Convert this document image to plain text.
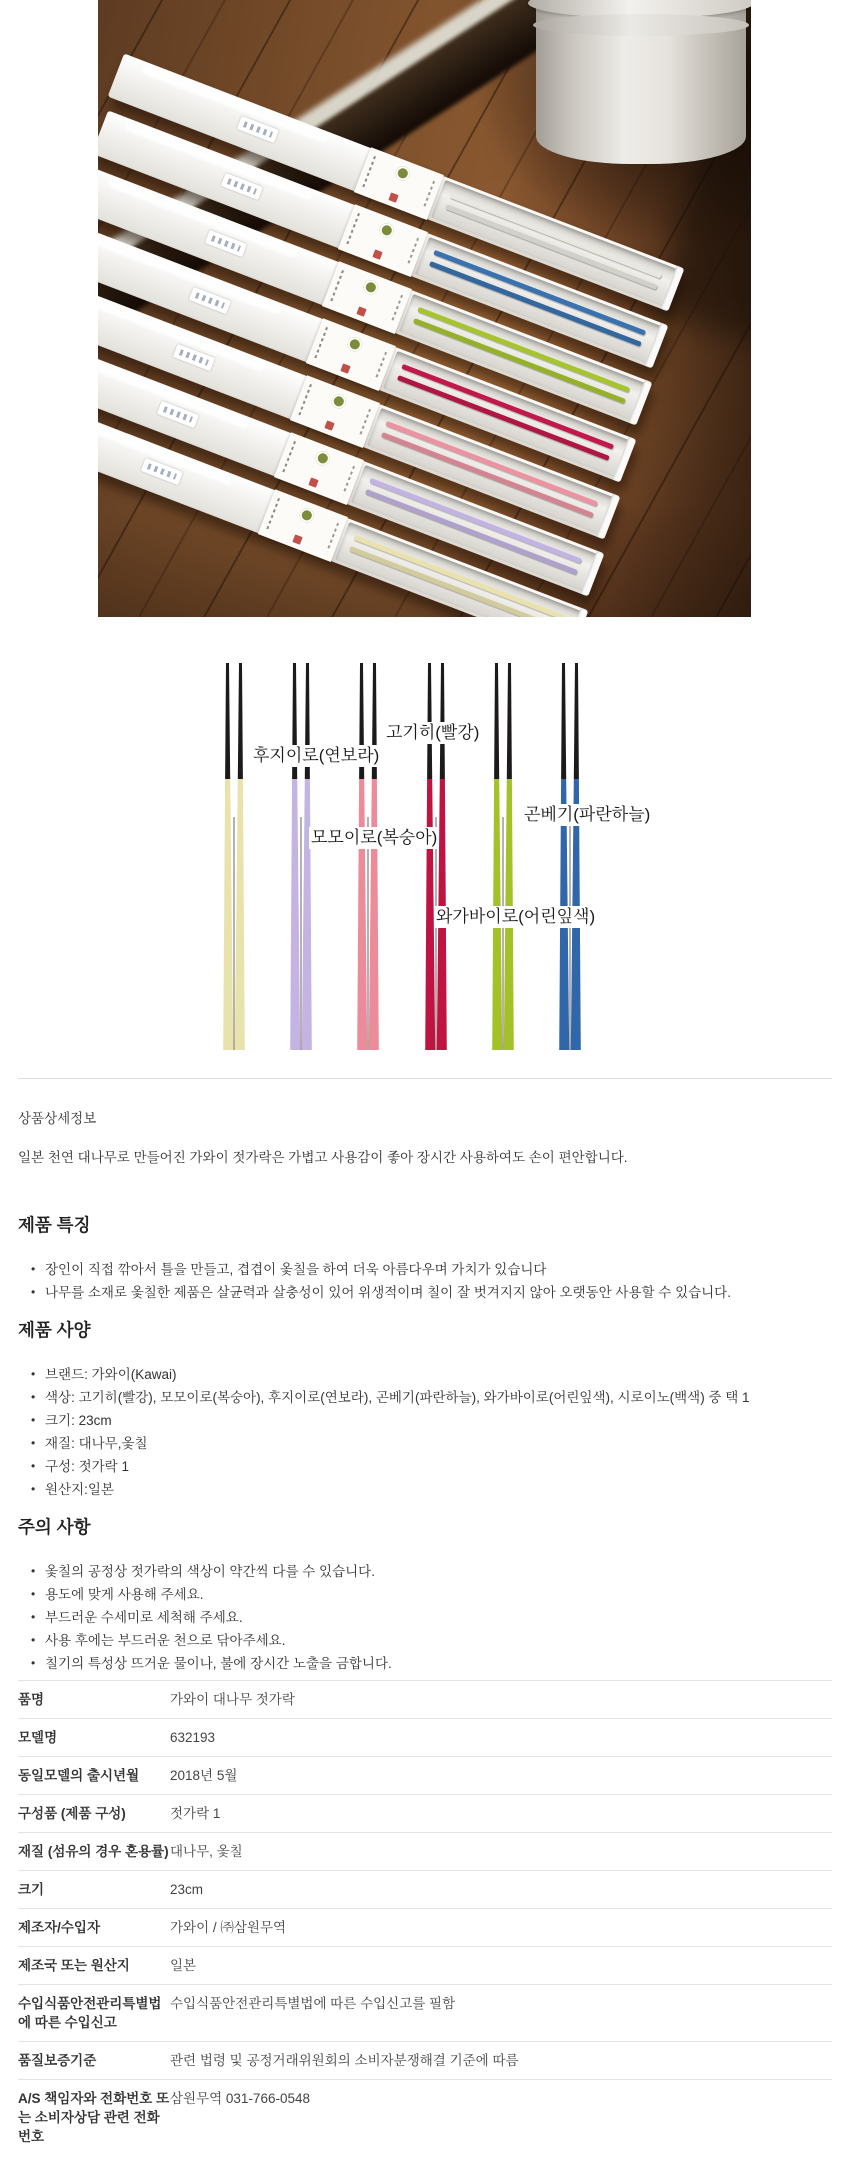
고기히(빨강)
후지이로(연보라)
곤베기(파란하늘)
모모이로(복숭아)
와가바이로(어린잎색)
상품상세정보

일본 천연 대나무로 만들어진 가와이 젓가락은 가볍고 사용감이 좋아 장시간 사용하여도 손이 편안합니다.

제품 특징
• 장인이 직접 깎아서 틀을 만들고, 겹겹이 옻칠을 하여 더욱 아름다우며 가치가 있습니다
• 나무를 소재로 옻칠한 제품은 살균력과 살충성이 있어 위생적이며 칠이 잘 벗겨지지 않아 오랫동안 사용할 수 있습니다.
제품 사양
• 브랜드: 가와이(Kawai)
• 색상: 고기히(빨강), 모모이로(복숭아), 후지이로(연보라), 곤베기(파란하늘), 와가바이로(어린잎색), 시로이노(백색) 중 택 1
• 크기: 23cm
• 재질: 대나무,옻칠
• 구성: 젓가락 1
• 원산지:일본
주의 사항
• 옻칠의 공정상 젓가락의 색상이 약간씩 다를 수 있습니다.
• 용도에 맞게 사용해 주세요.
• 부드러운 수세미로 세척해 주세요.
• 사용 후에는 부드러운 천으로 닦아주세요.
• 칠기의 특성상 뜨거운 물이나, 불에 장시간 노출을 금합니다.
품명	가와이 대나무 젓가락
모델명	632193
동일모델의 출시년월	2018년 5월
구성품 (제품 구성)	젓가락 1
재질 (섬유의 경우 혼용률)	대나무, 옻칠
크기	23cm
제조자/수입자	가와이 / ㈜삼원무역
제조국 또는 원산지	일본
수입식품안전관리특별법에 따른 수입신고	수입식품안전관리특별법에 따른 수입신고를 필함
품질보증기준	관련 법령 및 공정거래위원회의 소비자분쟁해결 기준에 따름
A/S 책임자와 전화번호 또는 소비자상담 관련 전화번호	삼원무역 031-766-0548
